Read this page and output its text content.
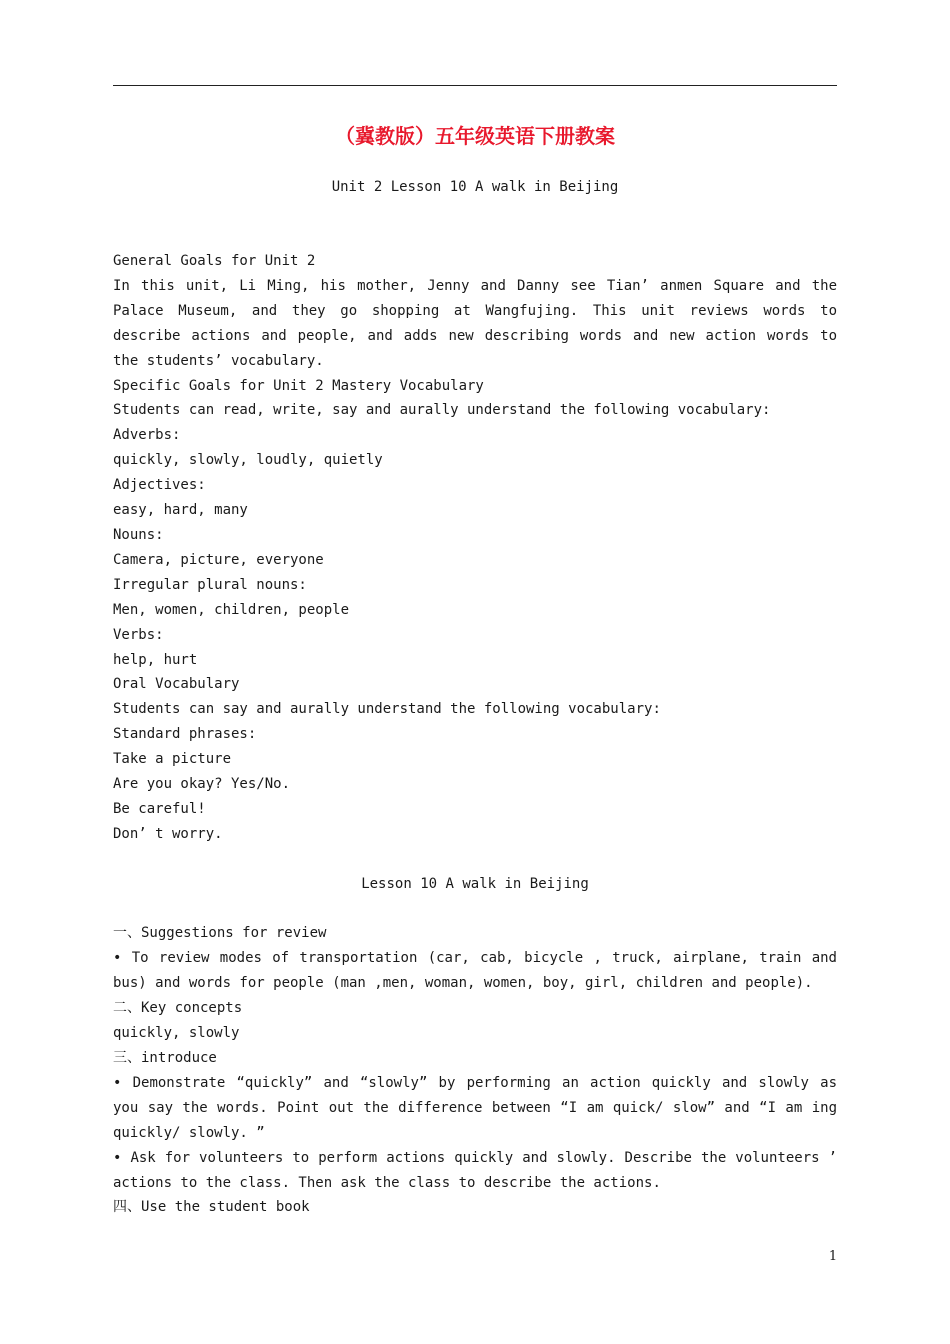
（冀教版）五年级英语下册教案
Unit 2 Lesson 10 A walk in Beijing

General Goals for Unit 2

In this unit, Li Ming, his mother, Jenny and Danny see Tian’ anmen Square and the Palace Museum, and they go shopping at Wangfujing. This unit reviews words to describe actions and people, and adds new describing words and new action words to the students’ vocabulary.

Specific Goals for Unit 2 Mastery Vocabulary

Students can read, write, say and aurally understand the following vocabulary:

Adverbs:

quickly, slowly, loudly, quietly

Adjectives:

easy, hard, many

Nouns:

Camera, picture, everyone

Irregular plural nouns:

Men, women, children, people

Verbs:

help, hurt

Oral Vocabulary

Students can say and aurally understand the following vocabulary:

Standard phrases:

Take a picture

Are you okay? Yes/No.

Be careful!

Don’ t worry.

Lesson 10 A walk in Beijing

一、Suggestions for review

• To review modes of transportation (car, cab, bicycle , truck, airplane, train and bus) and words for people (man ,men, woman, women, boy, girl, children and people).

二、Key concepts

quickly, slowly

三、introduce

• Demonstrate “quickly” and “slowly” by performing an action quickly and slowly as you say the words. Point out the difference between “I am quick/ slow” and “I am ing quickly/ slowly. ”

• Ask for volunteers to perform actions quickly and slowly. Describe the volunteers ’ actions to the class. Then ask the class to describe the actions.

四、Use the student book

1
